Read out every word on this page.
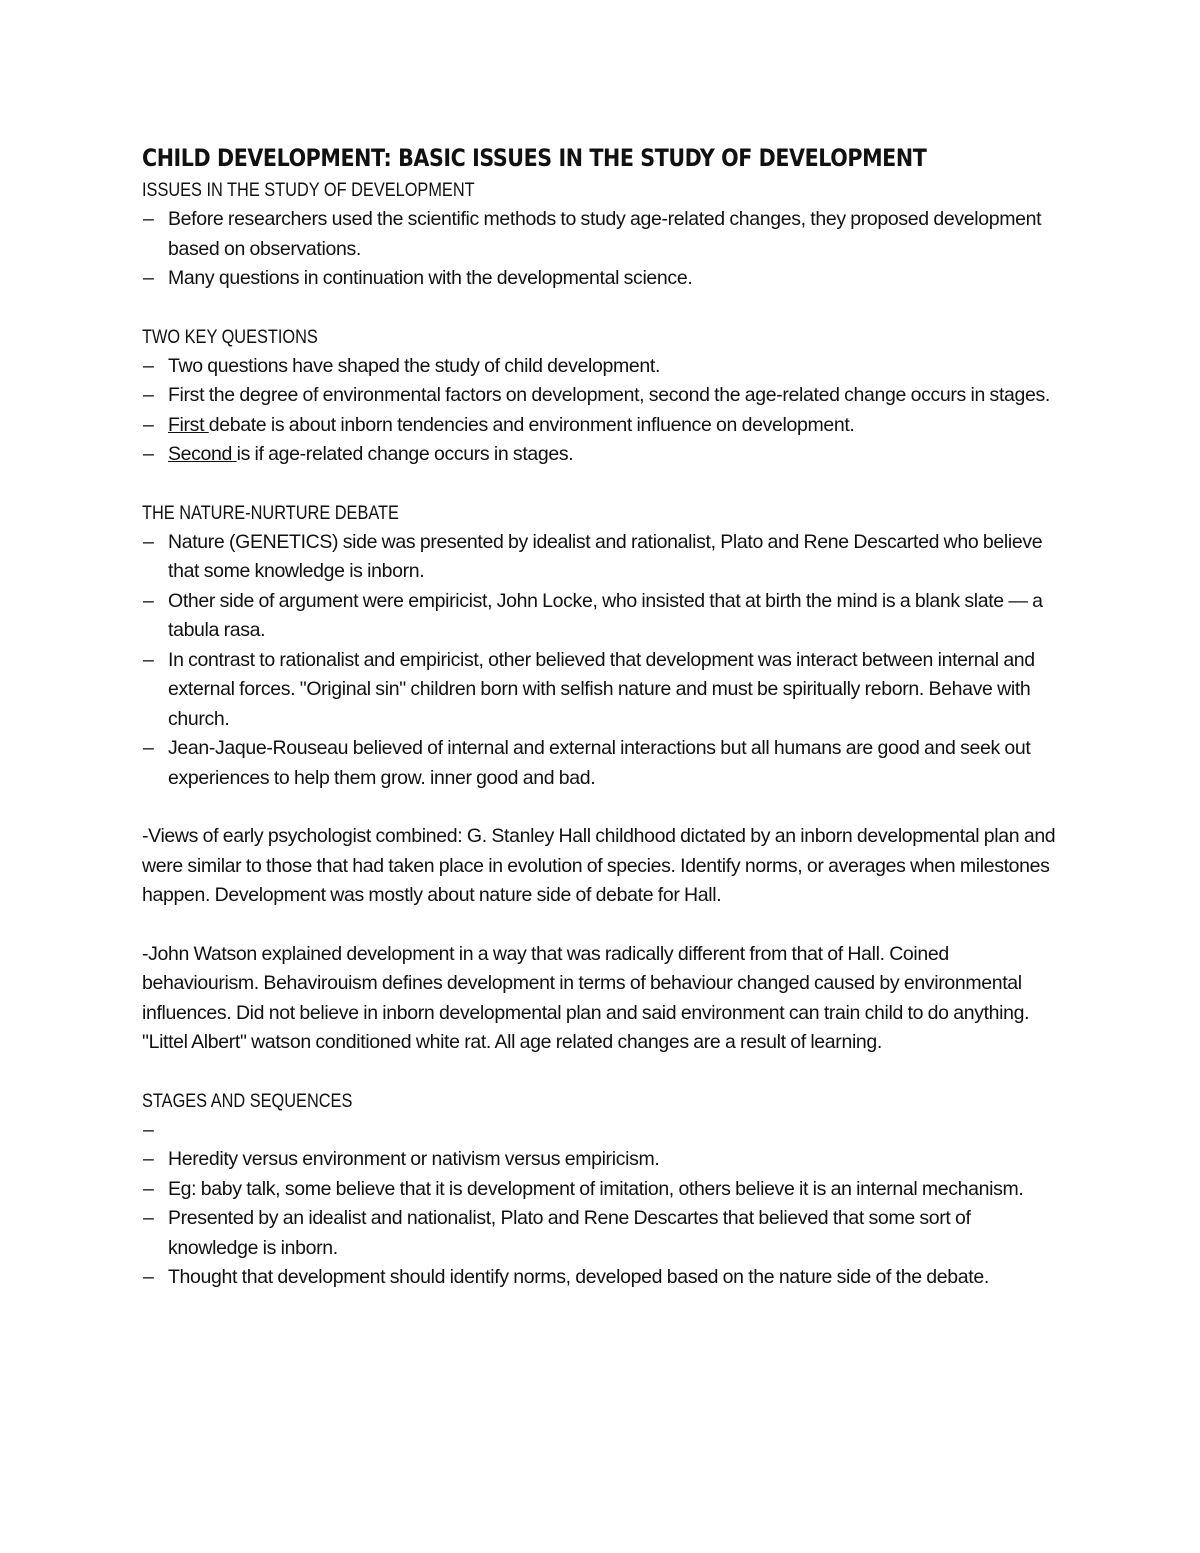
CHILD DEVELOPMENT: BASIC ISSUES IN THE STUDY OF DEVELOPMENT
ISSUES IN THE STUDY OF DEVELOPMENT
– Before researchers used the scientific methods to study age-related changes, they proposed development based on observations.
– Many questions in continuation with the developmental science.
TWO KEY QUESTIONS
– Two questions have shaped the study of child development.
– First the degree of environmental factors on development, second the age-related change occurs in stages.
– First debate is about inborn tendencies and environment influence on development.
– Second is if age-related change occurs in stages.
THE NATURE-NURTURE DEBATE
– Nature (GENETICS) side was presented by idealist and rationalist, Plato and Rene Descarted who believe that some knowledge is inborn.
– Other side of argument were empiricist, John Locke, who insisted that at birth the mind is a blank slate — a tabula rasa.
– In contrast to rationalist and empiricist, other believed that development was interact between internal and external forces. "Original sin" children born with selfish nature and must be spiritually reborn. Behave with church.
– Jean-Jaque-Rouseau believed of internal and external interactions but all humans are good and seek out experiences to help them grow. inner good and bad.

-Views of early psychologist combined: G. Stanley Hall childhood dictated by an inborn developmental plan and were similar to those that had taken place in evolution of species. Identify norms, or averages when milestones happen. Development was mostly about nature side of debate for Hall.

-John Watson explained development in a way that was radically different from that of Hall. Coined behaviourism. Behavirouism defines development in terms of behaviour changed caused by environmental influences. Did not believe in inborn developmental plan and said environment can train child to do anything. "Littel Albert" watson conditioned white rat. All age related changes are a result of learning.

STAGES AND SEQUENCES
–
– Heredity versus environment or nativism versus empiricism.
– Eg: baby talk, some believe that it is development of imitation, others believe it is an internal mechanism.
– Presented by an idealist and nationalist, Plato and Rene Descartes that believed that some sort of knowledge is inborn.
– Thought that development should identify norms, developed based on the nature side of the debate.
